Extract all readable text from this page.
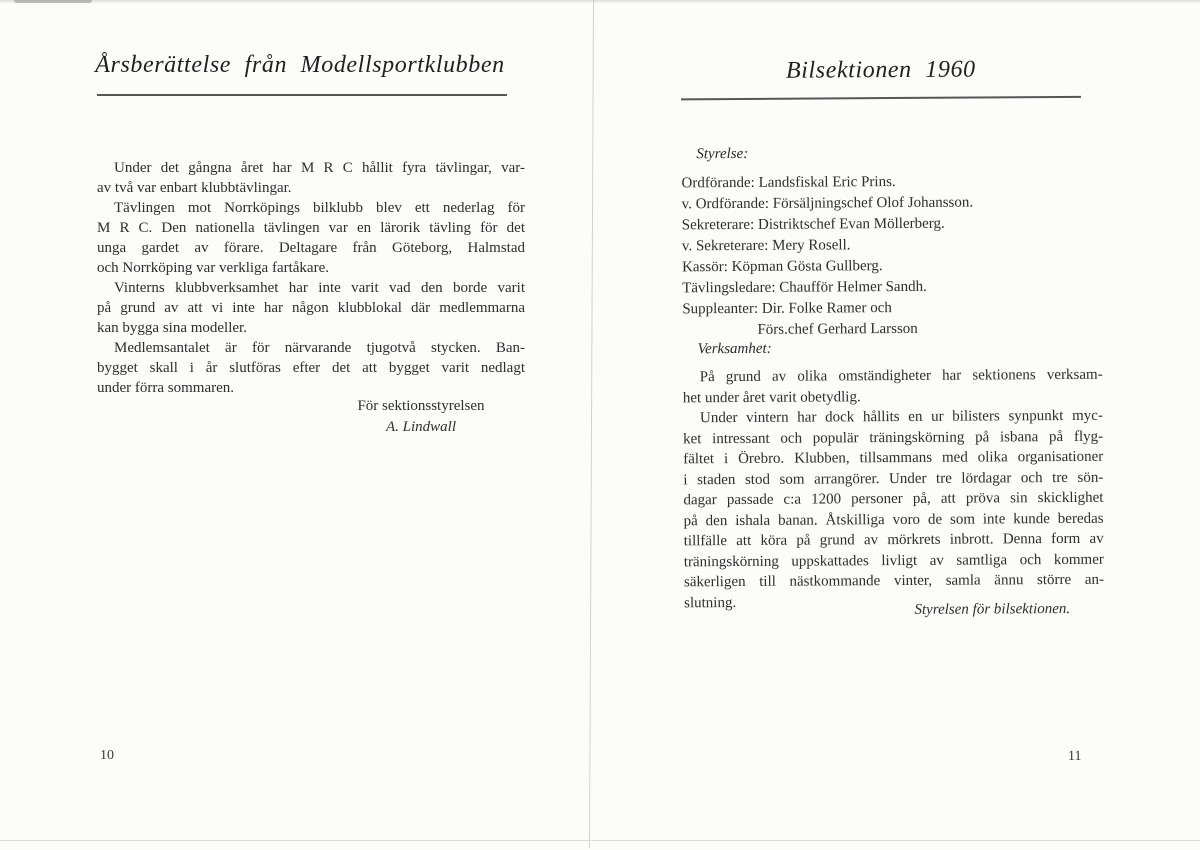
Årsberättelse från Modellsportklubben
Under det gångna året har M R C hållit fyra tävlingar, var-
av två var enbart klubbtävlingar.
Tävlingen mot Norrköpings bilklubb blev ett nederlag för
M R C. Den nationella tävlingen var en lärorik tävling för det
unga gardet av förare. Deltagare från Göteborg, Halmstad
och Norrköping var verkliga fartåkare.
Vinterns klubbverksamhet har inte varit vad den borde varit
på grund av att vi inte har någon klubblokal där medlemmarna
kan bygga sina modeller.
Medlemsantalet är för närvarande tjugotvå stycken. Ban-
bygget skall i år slutföras efter det att bygget varit nedlagt
under förra sommaren.
För sektionsstyrelsen
A. Lindwall
10
Bilsektionen 1960
Styrelse:
Ordförande: Landsfiskal Eric Prins.
v. Ordförande: Försäljningschef Olof Johansson.
Sekreterare: Distriktschef Evan Möllerberg.
v. Sekreterare: Mery Rosell.
Kassör: Köpman Gösta Gullberg.
Tävlingsledare: Chaufför Helmer Sandh.
Suppleanter: Dir. Folke Ramer och
Förs.chef Gerhard Larsson
Verksamhet:
På grund av olika omständigheter har sektionens verksam-
het under året varit obetydlig.
Under vintern har dock hållits en ur bilisters synpunkt myc-
ket intressant och populär träningskörning på isbana på flyg-
fältet i Örebro. Klubben, tillsammans med olika organisationer
i staden stod som arrangörer. Under tre lördagar och tre sön-
dagar passade c:a 1200 personer på, att pröva sin skicklighet
på den ishala banan. Åtskilliga voro de som inte kunde beredas
tillfälle att köra på grund av mörkrets inbrott. Denna form av
träningskörning uppskattades livligt av samtliga och kommer
säkerligen till nästkommande vinter, samla ännu större an-
slutning.	Styrelsen för bilsektionen.
11
